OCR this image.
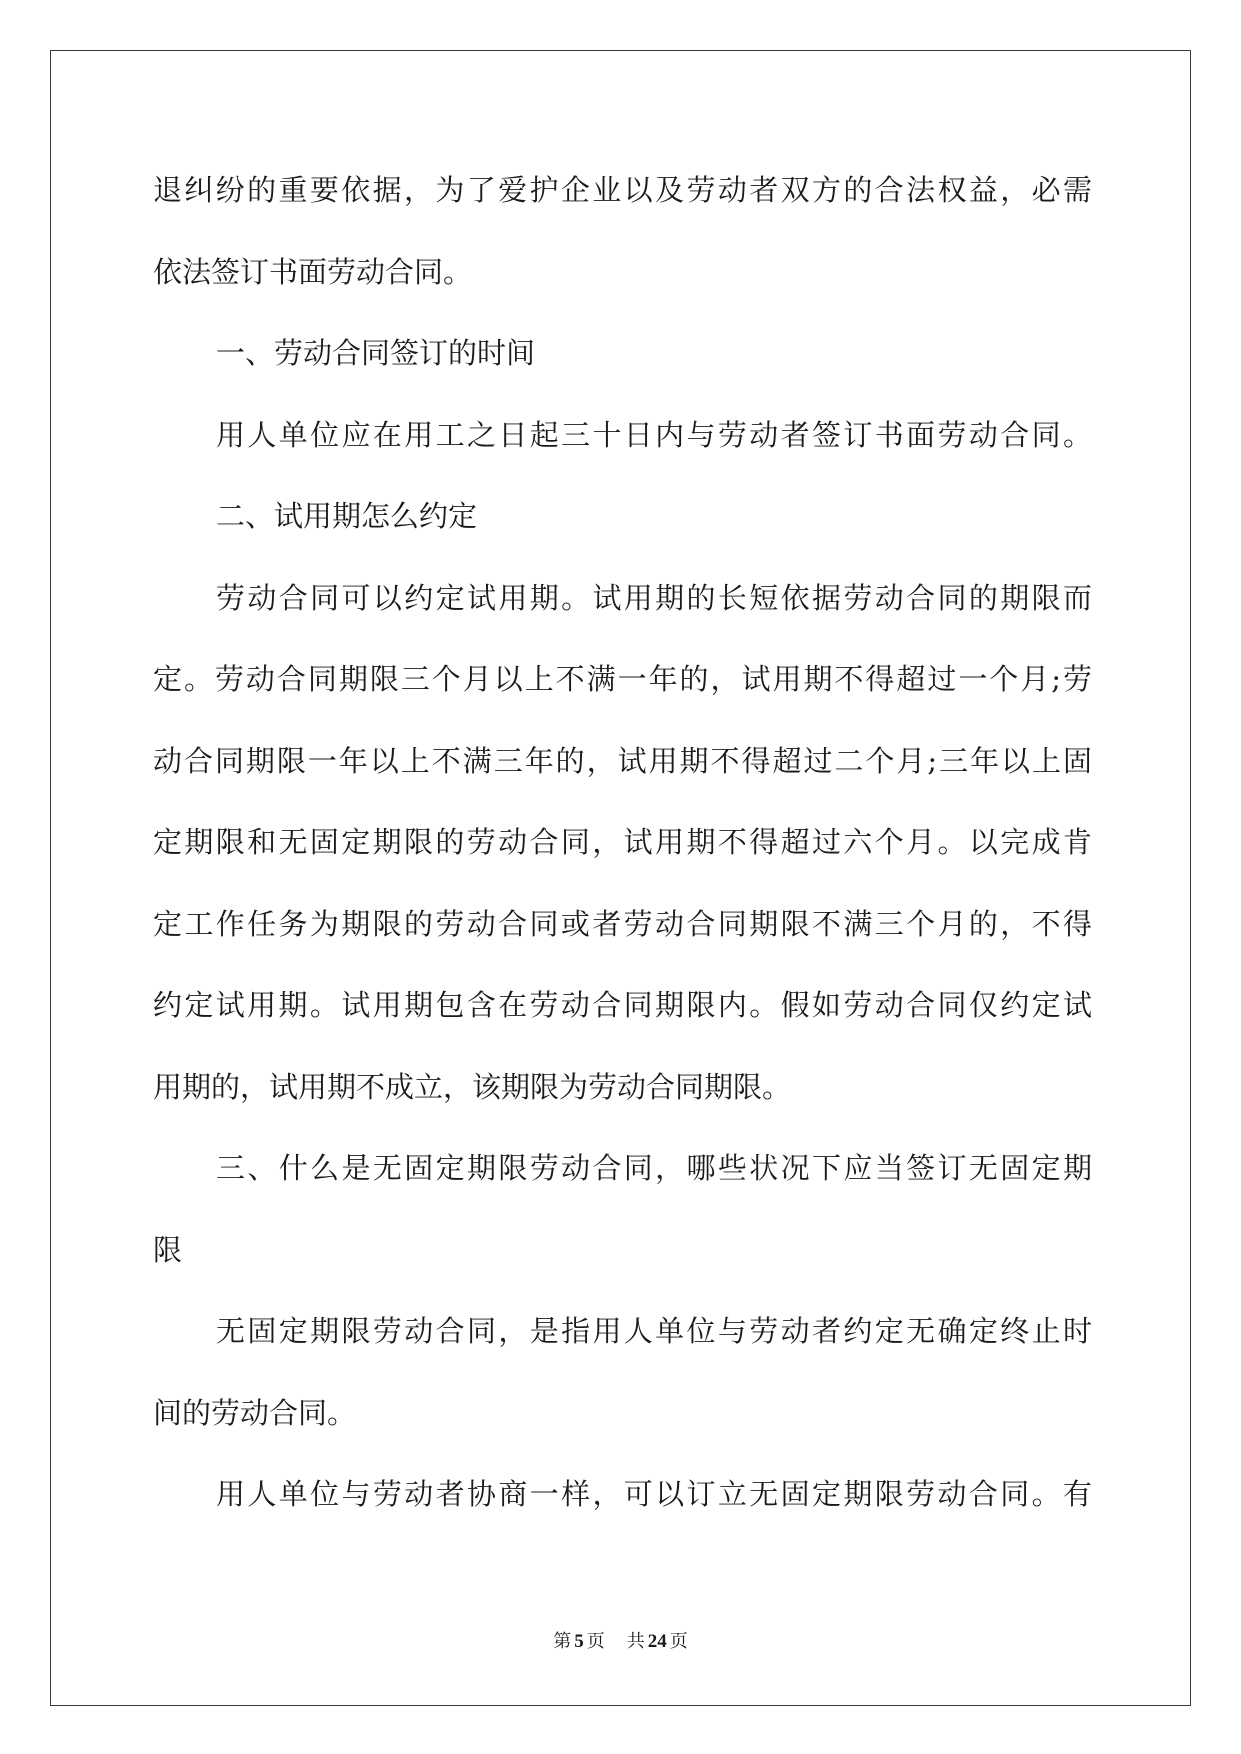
退纠纷的重要依据，为了爱护企业以及劳动者双方的合法权益，必需
依法签订书面劳动合同。
一、劳动合同签订的时间
用人单位应在用工之日起三十日内与劳动者签订书面劳动合同。
二、试用期怎么约定
劳动合同可以约定试用期。试用期的长短依据劳动合同的期限而
定。劳动合同期限三个月以上不满一年的，试用期不得超过一个月;劳
动合同期限一年以上不满三年的，试用期不得超过二个月;三年以上固
定期限和无固定期限的劳动合同，试用期不得超过六个月。以完成肯
定工作任务为期限的劳动合同或者劳动合同期限不满三个月的，不得
约定试用期。试用期包含在劳动合同期限内。假如劳动合同仅约定试
用期的，试用期不成立，该期限为劳动合同期限。
三、什么是无固定期限劳动合同，哪些状况下应当签订无固定期
限
无固定期限劳动合同，是指用人单位与劳动者约定无确定终止时
间的劳动合同。
用人单位与劳动者协商一样，可以订立无固定期限劳动合同。有
第 5 页 共 24 页
